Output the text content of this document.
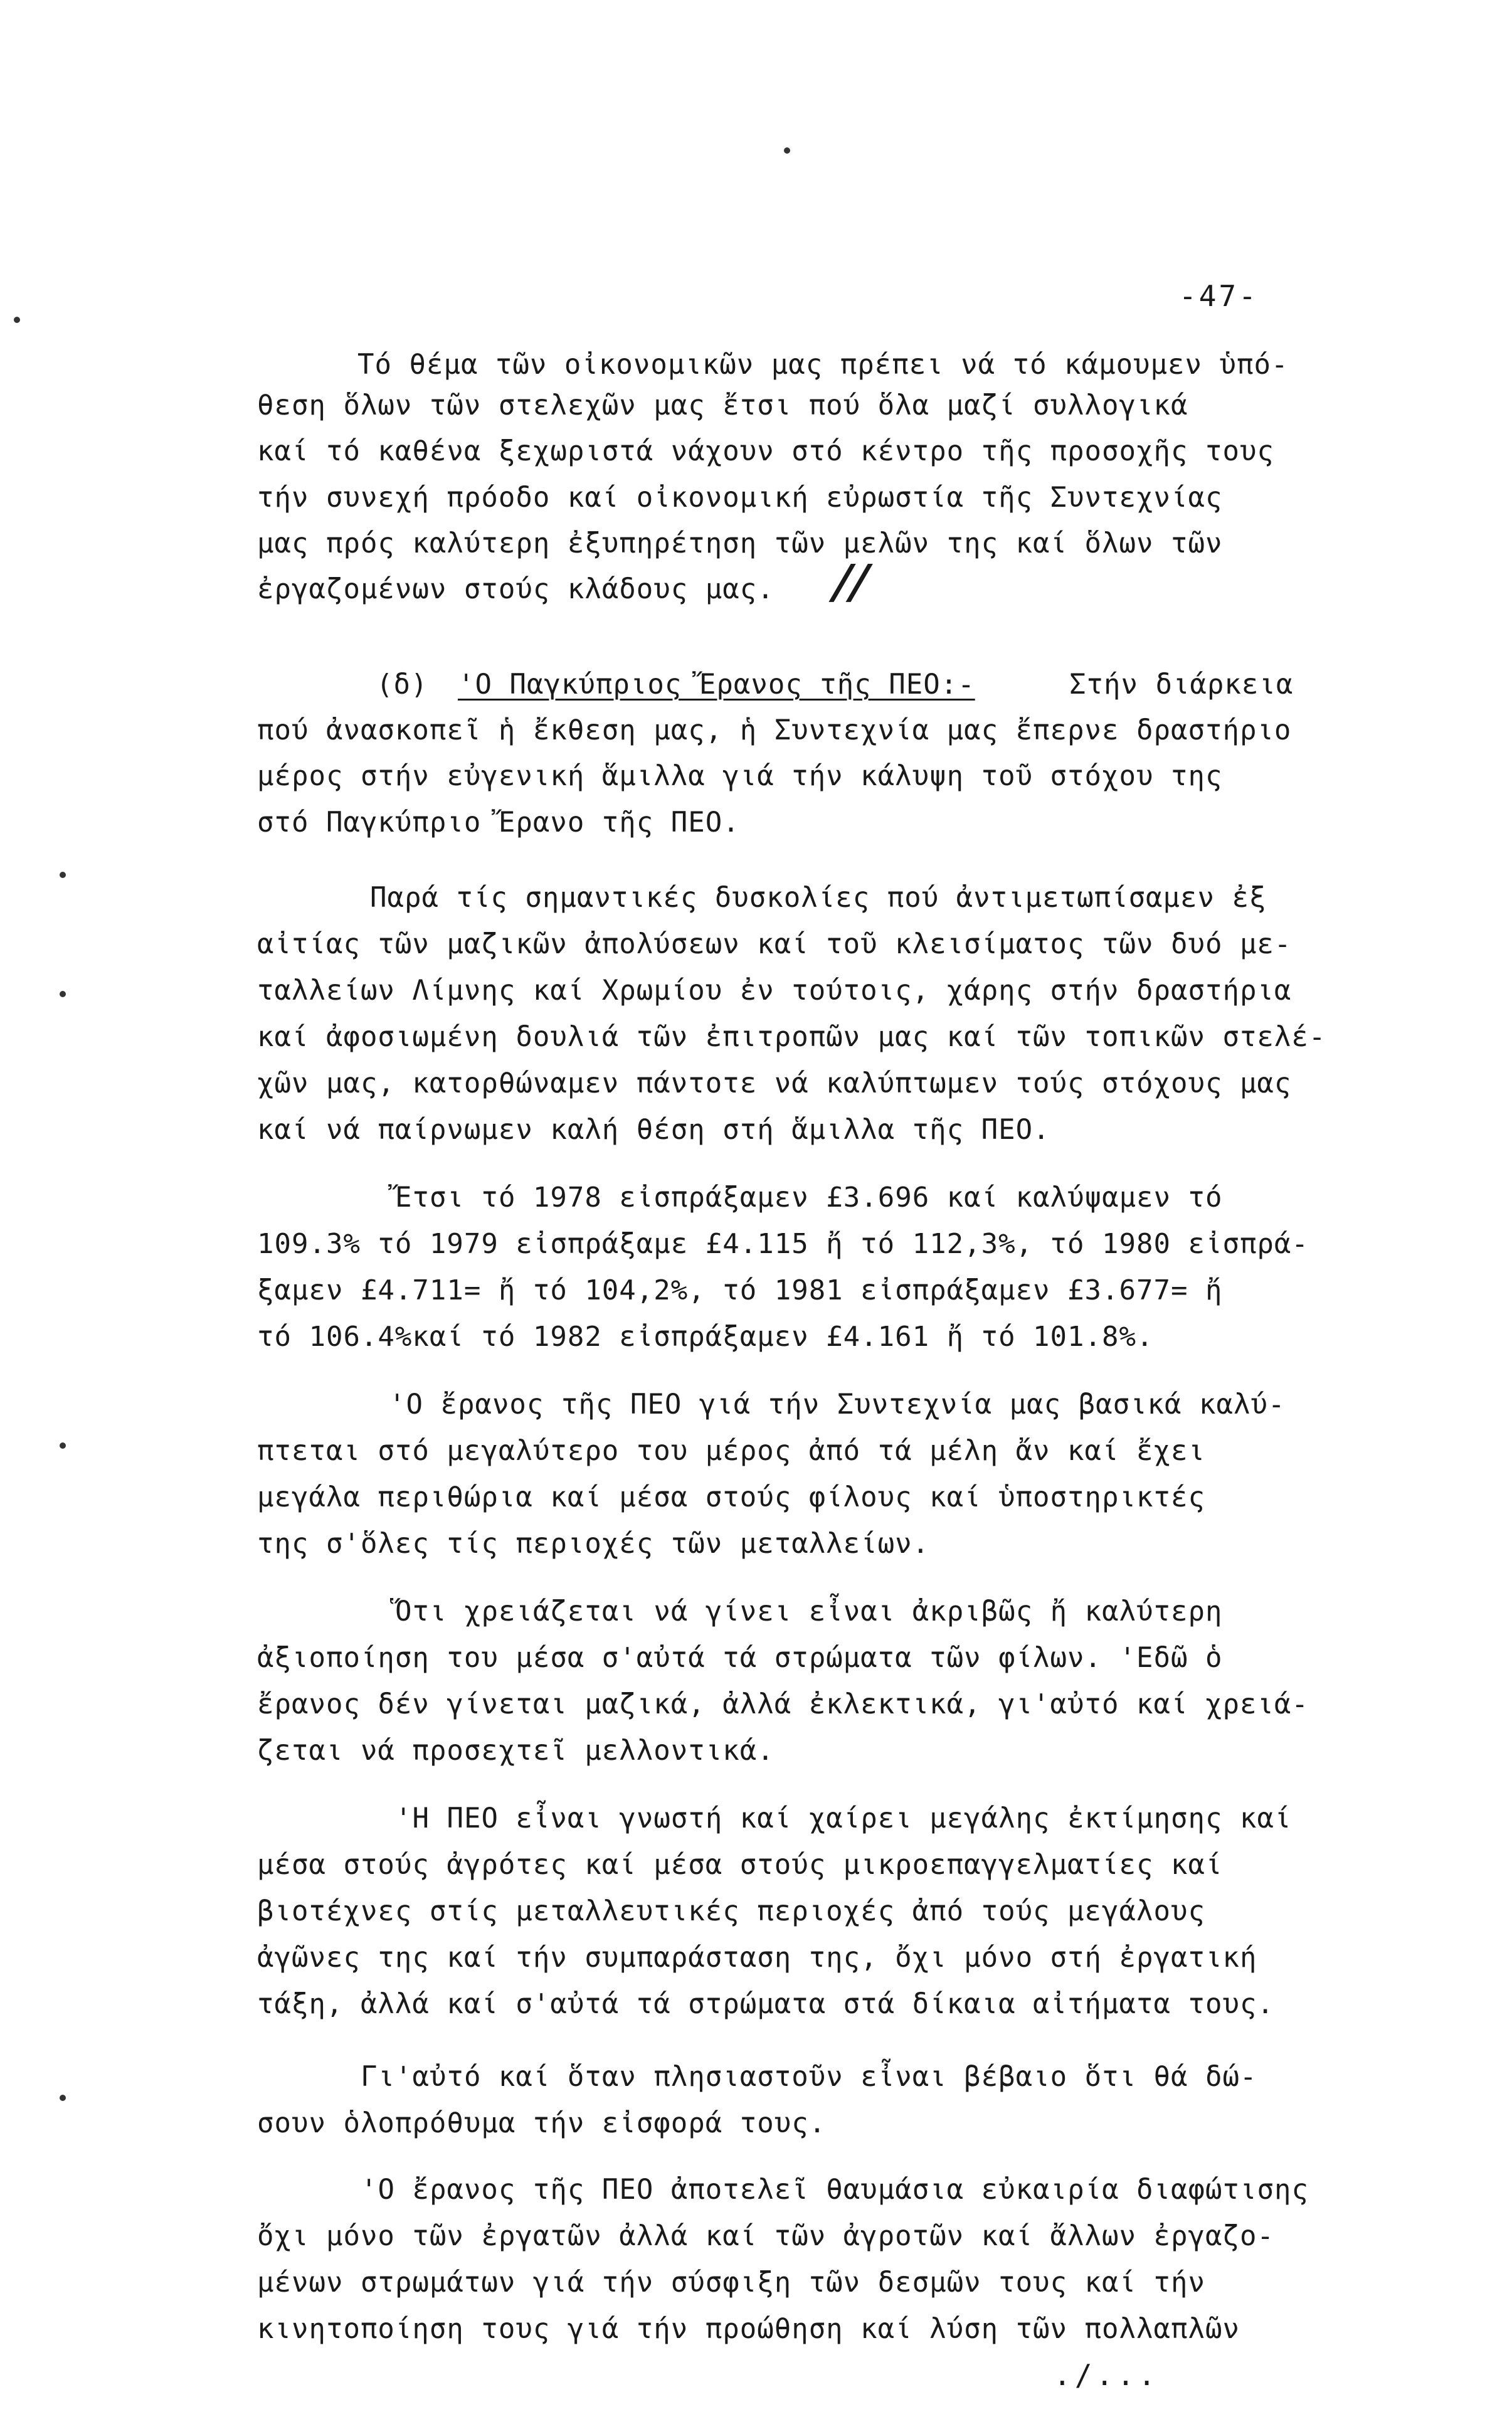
-47-
Τό θέμα τῶν οἰκονομικῶν μας πρέπει νά τό κάμουμεν ὑπό-
θεση ὅλων τῶν στελεχῶν μας ἔτσι πού ὅλα μαζί συλλογικά
καί τό καθένα ξεχωριστά νάχουν στό κέντρο τῆς προσοχῆς τους
τήν συνεχή πρόοδο καί οἰκονομική εὐρωστία τῆς Συντεχνίας
μας πρός καλύτερη ἐξυπηρέτηση τῶν μελῶν της καί ὅλων τῶν
ἐργαζομένων στούς κλάδους μας. //
(δ) 'Ο Παγκύπριος Ἔρανος τῆς ΠΕΟ:-	Στήν διάρκεια
πού ἀνασκοπεῖ ἡ ἔκθεση μας, ἡ Συντεχνία μας ἔπερνε δραστήριο
μέρος στήν εὐγενική ἅμιλλα γιά τήν κάλυψη τοῦ στόχου της
στό Παγκύπριο Ἔρανο τῆς ΠΕΟ.
Παρά τίς σημαντικές δυσκολίες πού ἀντιμετωπίσαμεν ἐξ
αἰτίας τῶν μαζικῶν ἀπολύσεων καί τοῦ κλεισίματος τῶν δυό με-
ταλλείων Λίμνης καί Χρωμίου ἐν τούτοις, χάρης στήν δραστήρια
καί ἀφοσιωμένη δουλιά τῶν ἐπιτροπῶν μας καί τῶν τοπικῶν στελέ-
χῶν μας, κατορθώναμεν πάντοτε νά καλύπτωμεν τούς στόχους μας
καί νά παίρνωμεν καλή θέση στή ἅμιλλα τῆς ΠΕΟ.
Ἔτσι τό 1978 εἰσπράξαμεν £3.696 καί καλύψαμεν τό
109.3% τό 1979 εἰσπράξαμε £4.115 ἤ τό 112,3%, τό 1980 εἰσπρά-
ξαμεν £4.711= ἤ τό 104,2%, τό 1981 εἰσπράξαμεν £3.677= ἤ
τό 106.4%καί τό 1982 εἰσπράξαμεν £4.161 ἤ τό 101.8%.
'Ο ἔρανος τῆς ΠΕΟ γιά τήν Συντεχνία μας βασικά καλύ-
πτεται στό μεγαλύτερο του μέρος ἀπό τά μέλη ἄν καί ἔχει
μεγάλα περιθώρια καί μέσα στούς φίλους καί ὑποστηρικτές
της σ'ὅλες τίς περιοχές τῶν μεταλλείων.
Ὅτι χρειάζεται νά γίνει εἶναι ἀκριβῶς ἤ καλύτερη
ἀξιοποίηση του μέσα σ'αὐτά τά στρώματα τῶν φίλων. 'Εδῶ ὁ
ἔρανος δέν γίνεται μαζικά, ἀλλά ἐκλεκτικά, γι'αὐτό καί χρειά-
ζεται νά προσεχτεῖ μελλοντικά.
'Η ΠΕΟ εἶναι γνωστή καί χαίρει μεγάλης ἐκτίμησης καί
μέσα στούς ἀγρότες καί μέσα στούς μικροεπαγγελματίες καί
βιοτέχνες στίς μεταλλευτικές περιοχές ἀπό τούς μεγάλους
ἀγῶνες της καί τήν συμπαράσταση της, ὄχι μόνο στή ἐργατική
τάξη, ἀλλά καί σ'αὐτά τά στρώματα στά δίκαια αἰτήματα τους.
Γι'αὐτό καί ὅταν πλησιαστοῦν εἶναι βέβαιο ὅτι θά δώ-
σουν ὁλοπρόθυμα τήν εἰσφορά τους.
'Ο ἔρανος τῆς ΠΕΟ ἀποτελεῖ θαυμάσια εὐκαιρία διαφώτισης
ὄχι μόνο τῶν ἐργατῶν ἀλλά καί τῶν ἀγροτῶν καί ἄλλων ἐργαζο-
μένων στρωμάτων γιά τήν σύσφιξη τῶν δεσμῶν τους καί τήν
κινητοποίηση τους γιά τήν προώθηση καί λύση τῶν πολλαπλῶν
./...
